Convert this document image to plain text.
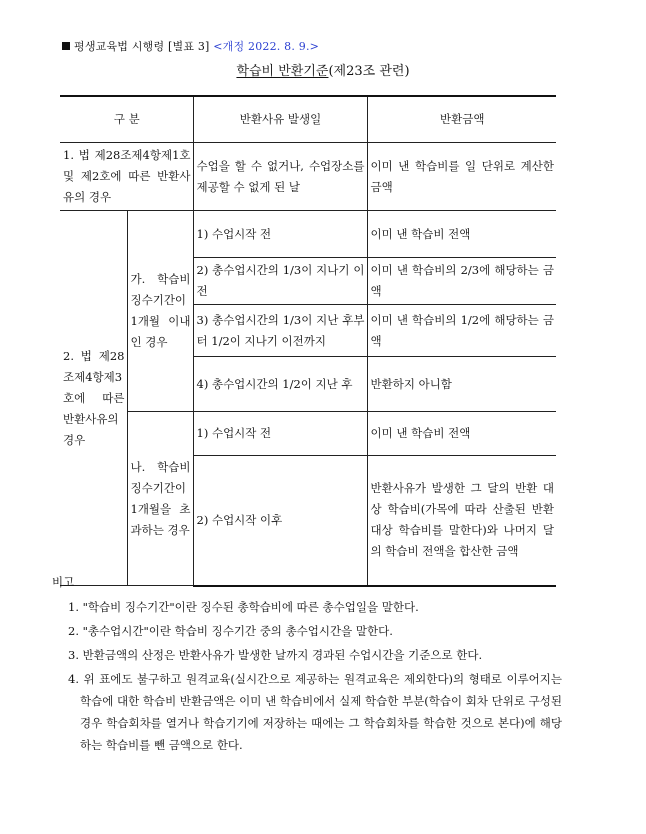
평생교육법 시행령 [별표 3] <개정 2022. 8. 9.>
학습비 반환기준(제23조 관련)
구 분		반환사유 발생일	반환금액
1. 법 제28조제4항제1호 및 제2호에 따른 반환사유의 경우		수업을 할 수 없거나, 수업장소를 제공할 수 없게 된 날	이미 낸 학습비를 일 단위로 계산한 금액
2. 법 제28조제4항제3호에 따른 반환사유의 경우	가. 학습비 징수기간이 1개월 이내인 경우	1) 수업시작 전	이미 낸 학습비 전액
		2) 총수업시간의 1/3이 지나기 이전	이미 낸 학습비의 2/3에 해당하는 금액
		3) 총수업시간의 1/3이 지난 후부터 1/2이 지나기 이전까지	이미 낸 학습비의 1/2에 해당하는 금액
		4) 총수업시간의 1/2이 지난 후	반환하지 아니함
	나. 학습비 징수기간이 1개월을 초과하는 경우	1) 수업시작 전	이미 낸 학습비 전액
		2) 수업시작 이후	반환사유가 발생한 그 달의 반환 대상 학습비(가목에 따라 산출된 반환 대상 학습비를 말한다)와 나머지 달의 학습비 전액을 합산한 금액
비고
1. "학습비 징수기간"이란 징수된 총학습비에 따른 총수업일을 말한다.
2. "총수업시간"이란 학습비 징수기간 중의 총수업시간을 말한다.
3. 반환금액의 산정은 반환사유가 발생한 날까지 경과된 수업시간을 기준으로 한다.
4. 위 표에도 불구하고 원격교육(실시간으로 제공하는 원격교육은 제외한다)의 형태로 이루어지는 학습에 대한 학습비 반환금액은 이미 낸 학습비에서 실제 학습한 부분(학습이 회차 단위로 구성된 경우 학습회차를 열거나 학습기기에 저장하는 때에는 그 학습회차를 학습한 것으로 본다)에 해당하는 학습비를 뺀 금액으로 한다.
